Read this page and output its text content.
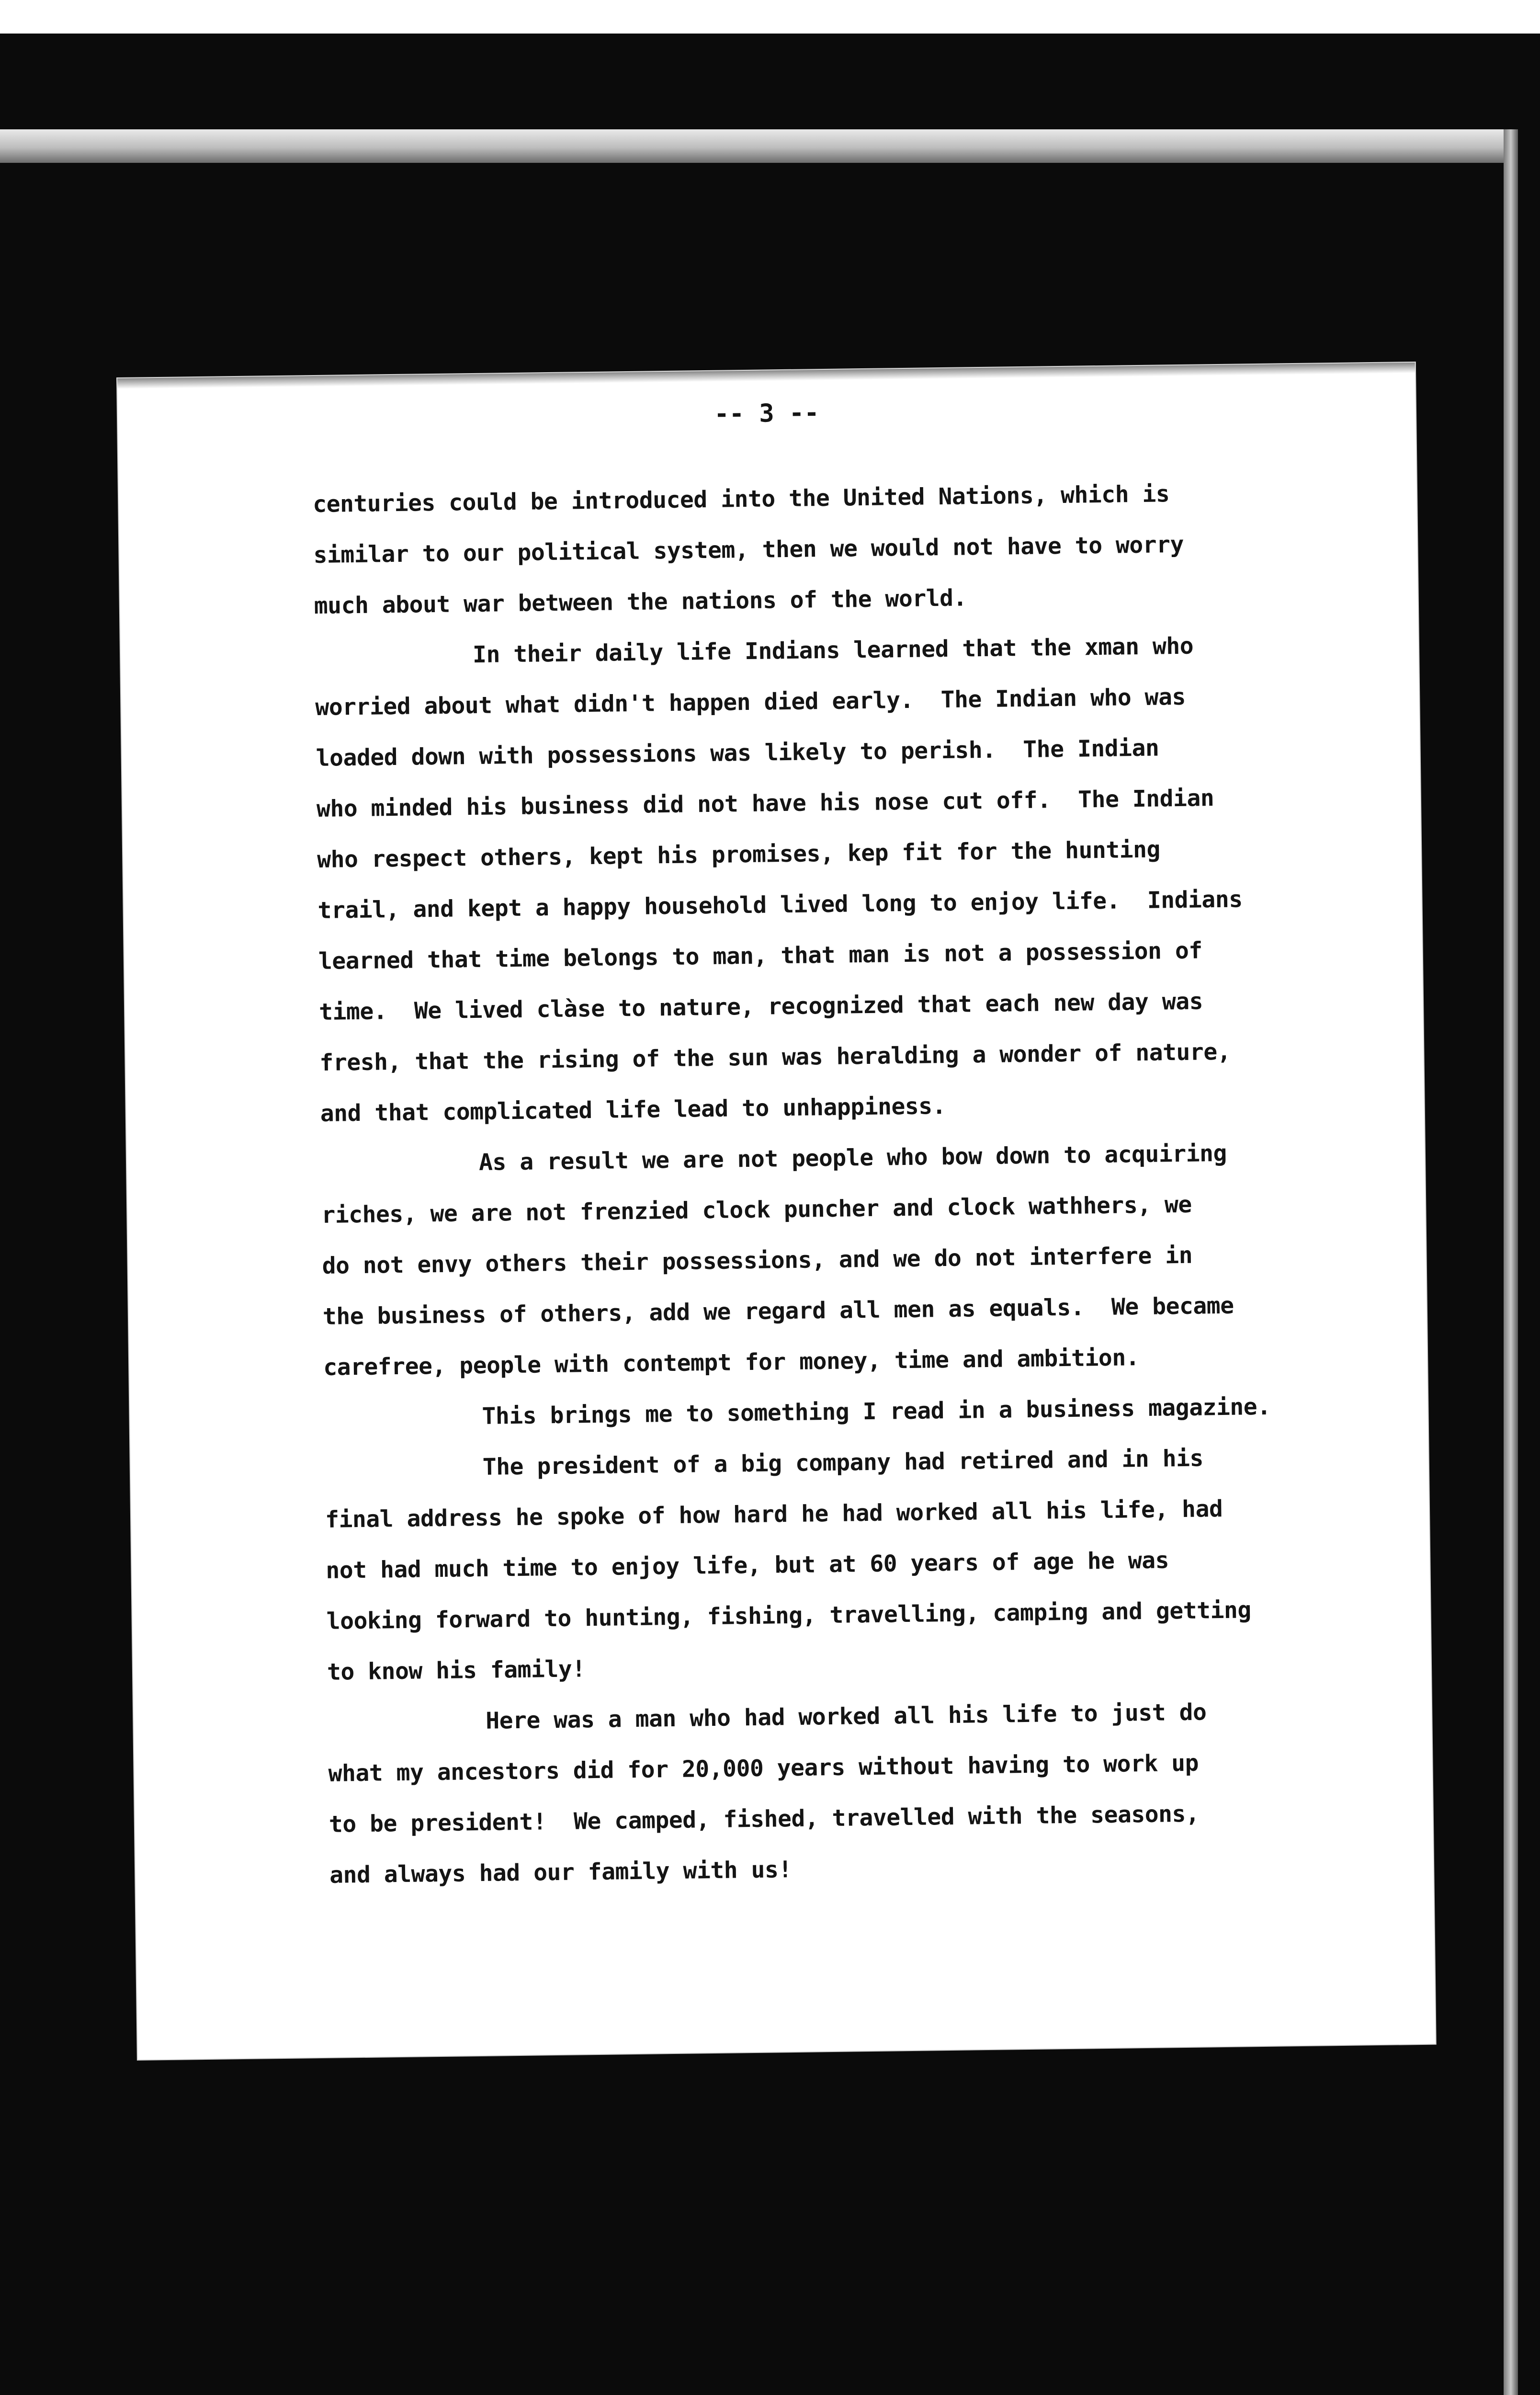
-- 3 --
centuries could be introduced into the United Nations, which is
similar to our political system, then we would not have to worry
much about war between the nations of the world.
In their daily life Indians learned that the xman who
worried about what didn't happen died early.  The Indian who was
loaded down with possessions was likely to perish.  The Indian
who minded his business did not have his nose cut off.  The Indian
who respect others, kept his promises, kep fit for the hunting
trail, and kept a happy household lived long to enjoy life.  Indians
learned that time belongs to man, that man is not a possession of
time.  We lived clàse to nature, recognized that each new day was
fresh, that the rising of the sun was heralding a wonder of nature,
and that complicated life lead to unhappiness.
As a result we are not people who bow down to acquiring
riches, we are not frenzied clock puncher and clock wathhers, we
do not envy others their possessions, and we do not interfere in
the business of others, add we regard all men as equals.  We became
carefree, people with contempt for money, time and ambition.
This brings me to something I read in a business magazine.
The president of a big company had retired and in his
final address he spoke of how hard he had worked all his life, had
not had much time to enjoy life, but at 60 years of age he was
looking forward to hunting, fishing, travelling, camping and getting
to know his family!
Here was a man who had worked all his life to just do
what my ancestors did for 20,000 years without having to work up
to be president!  We camped, fished, travelled with the seasons,
and always had our family with us!
